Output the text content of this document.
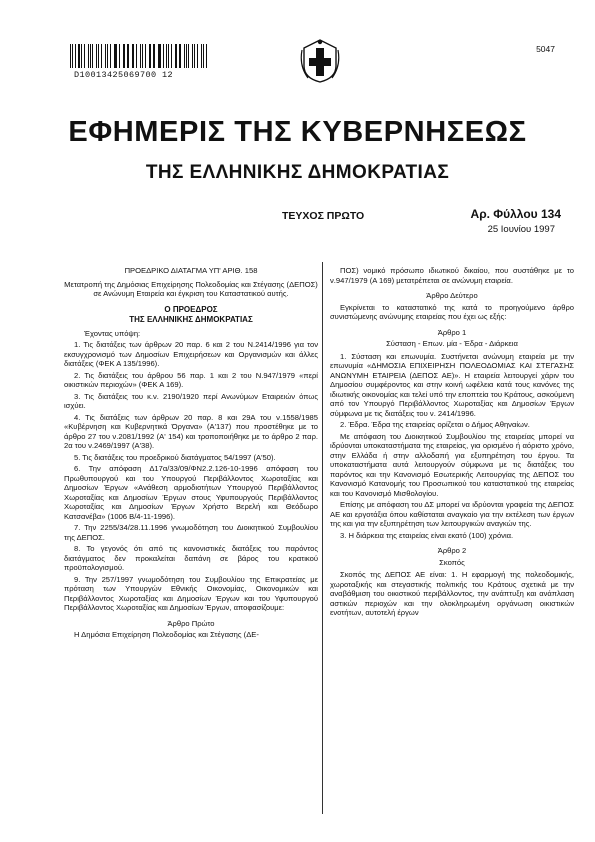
D10013425069700 12
5047
ΕΦΗΜΕΡΙΣ ΤΗΣ ΚΥΒΕΡΝΗΣΕΩΣ
ΤΗΣ ΕΛΛΗΝΙΚΗΣ ΔΗΜΟΚΡΑΤΙΑΣ
ΤΕΥΧΟΣ ΠΡΩΤΟ	Αρ. Φύλλου 134
25 Ιουνίου 1997

ΠΡΟΕΔΡΙΚΟ ΔΙΑΤΑΓΜΑ ΥΠ' ΑΡΙΘ. 158

Μετατροπή της Δημόσιας Επιχείρησης Πολεοδομίας και Στέγασης (ΔΕΠΟΣ) σε Ανώνυμη Εταιρεία και έγκριση του Καταστατικού αυτής.

Ο ΠΡΟΕΔΡΟΣ
ΤΗΣ ΕΛΛΗΝΙΚΗΣ ΔΗΜΟΚΡΑΤΙΑΣ

Έχοντας υπόψη:

1. Τις διατάξεις των άρθρων 20 παρ. 6 και 2 του Ν.2414/1996 για τον εκσυγχρονισμό των Δημοσίων Επιχειρήσεων και Οργανισμών και άλλες διατάξεις (ΦΕΚ Α 135/1996).

2. Τις διατάξεις του άρθρου 56 παρ. 1 και 2 του Ν.947/1979 «περί οικιστικών περιοχών» (ΦΕΚ Α 169).

3. Τις διατάξεις του κ.ν. 2190/1920 περί Ανωνύμων Εταιρειών όπως ισχύει.

4. Τις διατάξεις των άρθρων 20 παρ. 8 και 29Α του ν.1558/1985 «Κυβέρνηση και Κυβερνητικά Όργανα» (Α'137) που προστέθηκε με το άρθρο 27 του ν.2081/1992 (Α' 154) και τροποποιήθηκε με το άρθρο 2 παρ. 2α του ν.2469/1997 (Α'38).

5. Τις διατάξεις του προεδρικού διατάγματος 54/1997 (Α'50).

6. Την απόφαση Δ17α/33/09/ΦΝ2.2.126-10-1996 απόφαση του Πρωθυπουργού και του Υπουργού Περιβάλλοντος Χωροταξίας και Δημοσίων Έργων «Ανάθεση αρμοδιοτήτων Υπουργού Περιβάλλοντος Χωροταξίας και Δημοσίων Έργων στους Υφυπουργούς Περιβάλλοντος Χωροταξίας και Δημοσίων Έργων Χρήστο Βερελή και Θεόδωρο Κατσανέβα» (1006 Β/4-11-1996).

7. Την 2255/34/28.11.1996 γνωμοδότηση του Διοικητικού Συμβουλίου της ΔΕΠΟΣ.

8. Το γεγονός ότι από τις κανονιστικές διατάξεις του παρόντος διατάγματος δεν προκαλείται δαπάνη σε βάρος του κρατικού προϋπολογισμού.

9. Την 257/1997 γνωμοδότηση του Συμβουλίου της Επικρατείας με πρόταση των Υπουργών Εθνικής Οικονομίας, Οικονομικών και Περιβάλλοντος Χωροταξίας και Δημοσίων Έργων και του Υφυπουργού Περιβάλλοντος Χωροταξίας και Δημοσίων Έργων, αποφασίζουμε:

Άρθρο Πρώτο

Η Δημόσια Επιχείρηση Πολεοδομίας και Στέγασης (ΔΕ-

ΠΟΣ) νομικό πρόσωπο ιδιωτικού δικαίου, που συστάθηκε με το ν.947/1979 (Α 169) μετατρέπεται σε ανώνυμη εταιρεία.

Άρθρο Δεύτερο

Εγκρίνεται το καταστατικό της κατά το προηγούμενο άρθρο συνιστώμενης ανώνυμης εταιρείας που έχει ως εξής:

Άρθρο 1

Σύσταση - Επων. μία - Έδρα - Διάρκεια

1. Σύσταση και επωνυμία. Συστήνεται ανώνυμη εταιρεία με την επωνυμία «ΔΗΜΟΣΙΑ ΕΠΙΧΕΙΡΗΣΗ ΠΟΛΕΟΔΟΜΙΑΣ ΚΑΙ ΣΤΕΓΑΣΗΣ ΑΝΩΝΥΜΗ ΕΤΑΙΡΕΙΑ (ΔΕΠΟΣ ΑΕ)». Η εταιρεία λειτουργεί χάριν του Δημοσίου συμφέροντος και στην κοινή ωφέλεια κατά τους κανόνες της ιδιωτικής οικονομίας και τελεί υπό την εποπτεία του Κράτους, ασκούμενη από τον Υπουργό Περιβάλλοντος Χωροταξίας και Δημοσίων Έργων σύμφωνα με τις διατάξεις του ν. 2414/1996.

2. Έδρα. Έδρα της εταιρείας ορίζεται ο Δήμος Αθηναίων.

Με απόφαση του Διοικητικού Συμβουλίου της εταιρείας μπορεί να ιδρύονται υποκαταστήματα της εταιρείας, για ορισμένο ή αόριστο χρόνο, στην Ελλάδα ή στην αλλοδαπή για εξυπηρέτηση του έργου. Τα υποκαταστήματα αυτά λειτουργούν σύμφωνα με τις διατάξεις του παρόντος και την Κανονισμό Εσωτερικής Λειτουργίας της ΔΕΠΟΣ του Κανονισμό Κατανομής του Προσωπικού του καταστατικού της εταιρείας και του Κανονισμό Μισθολογίου.

Επίσης με απόφαση του ΔΣ μπορεί να ιδρύονται γραφεία της ΔΕΠΟΣ ΑΕ και εργοτάξια όπου καθίσταται αναγκαίο για την εκτέλεση των έργων της και για την εξυπηρέτηση των λειτουργικών αναγκών της.

3. Η διάρκεια της εταιρείας είναι εκατό (100) χρόνια.

Άρθρο 2

Σκοπός

Σκοπός της ΔΕΠΟΣ ΑΕ είναι: 1. Η εφαρμογή της πολεοδομικής, χωροταξικής και στεγαστικής πολιτικής του Κράτους σχετικά με την αναβάθμιση του οικιστικού περιβάλλοντος, την ανάπτυξη και ανάπλαση αστικών περιοχών και την ολοκληρωμένη οργάνωση οικιστικών ενοτήτων, αυτοτελή έργων
